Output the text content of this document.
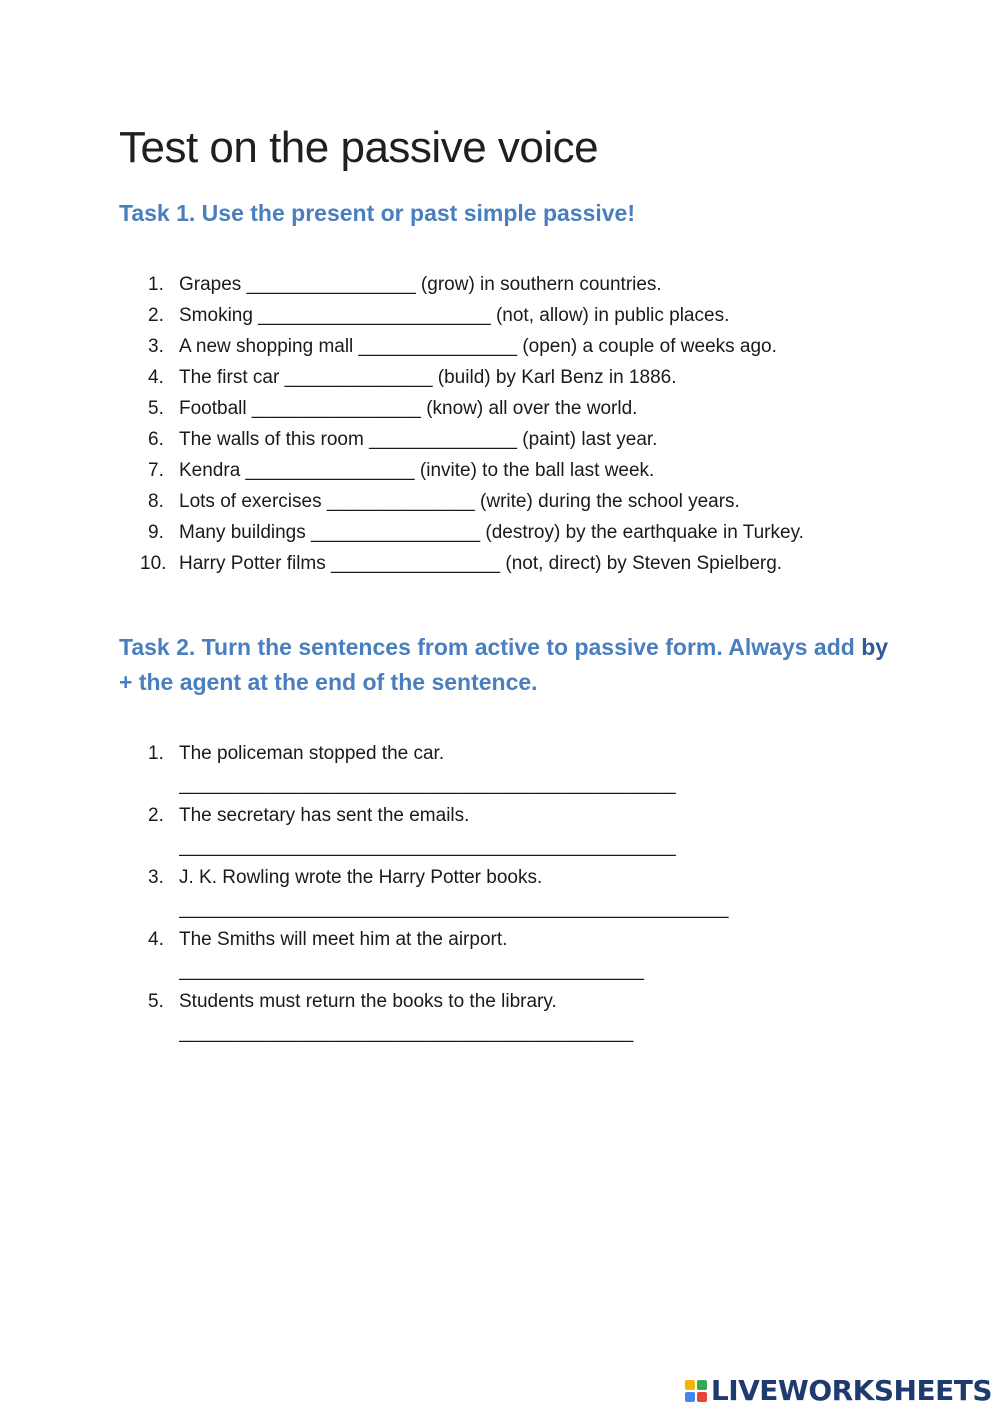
Test on the passive voice
Task 1. Use the present or past simple passive!
1. Grapes ________________ (grow) in southern countries.
2. Smoking ______________________ (not, allow) in public places.
3. A new shopping mall _______________ (open) a couple of weeks ago.
4. The first car ______________ (build) by Karl Benz in 1886.
5. Football ________________ (know) all over the world.
6. The walls of this room ______________ (paint) last year.
7. Kendra ________________ (invite) to the ball last week.
8. Lots of exercises ______________ (write) during the school years.
9. Many buildings ________________ (destroy) by the earthquake in Turkey.
10. Harry Potter films ________________ (not, direct) by Steven Spielberg.
Task 2. Turn the sentences from active to passive form. Always add by + the agent at the end of the sentence.
1. The policeman stopped the car.
_______________________________________________
2. The secretary has sent the emails.
_______________________________________________
3. J. K. Rowling wrote the Harry Potter books.
____________________________________________________
4. The Smiths will meet him at the airport.
____________________________________________
5. Students must return the books to the library.
___________________________________________
LIVEWORKSHEETS
